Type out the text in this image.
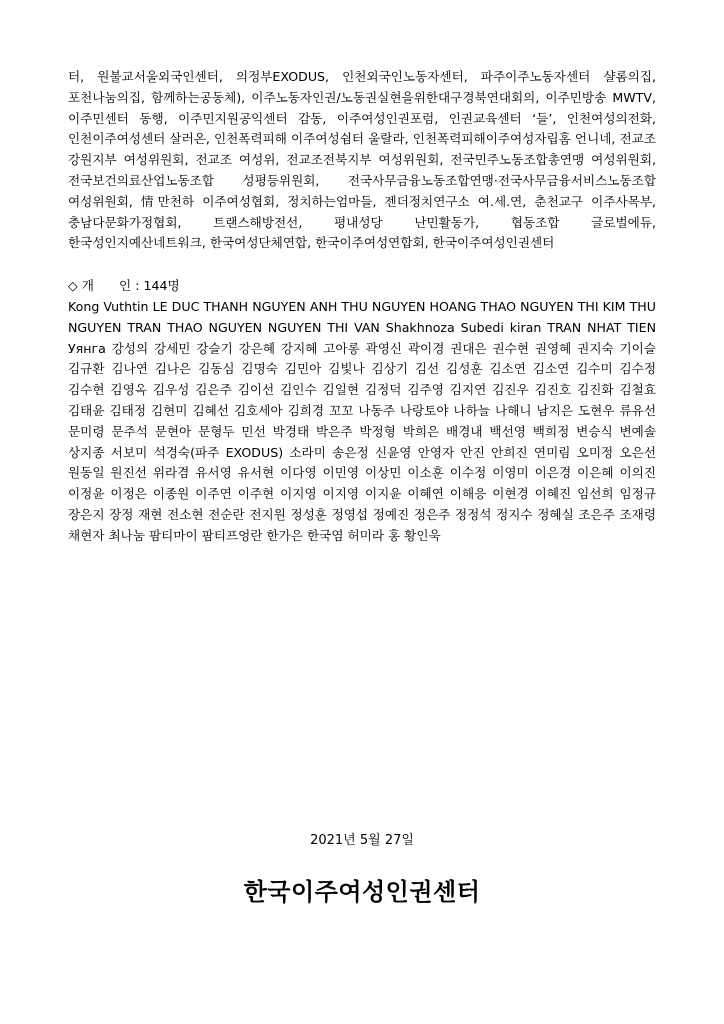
터, 원불교서울외국인센터, 의정부EXODUS, 인천외국인노동자센터, 파주이주노동자센터 샬롬의집, 포천나눔의집, 함께하는공동체), 이주노동자인권/노동권실현을위한대구경북연대회의, 이주민방송 MWTV, 이주민센터 동행, 이주민지원공익센터 감동, 이주여성인권포럼, 인권교육센터 ‘들’, 인천여성의전화, 인천이주여성센터 살러온, 인천폭력피해 이주여성쉼터 울랄라, 인천폭력피해이주여성자립홈 언니네, 전교조 강원지부 여성위원회, 전교조 여성위, 전교조전북지부 여성위원회, 전국민주노동조합총연맹 여성위원회, 전국보건의료산업노동조합 성평등위원회, 전국사무금융노동조합연맹·전국사무금융서비스노동조합 여성위원회, 情만천하 이주여성협회, 정치하는엄마들, 젠더정치연구소 여.세.연, 춘천교구 이주사목부, 충남다문화가정협회, 트랜스해방전선, 평내성당 난민활동가, 협동조합 글로벌에듀, 한국성인지예산네트워크, 한국여성단체연합, 한국이주여성연합회, 한국이주여성인권센터

◇ 개　　인 : 144명

Kong Vuthtin LE DUC THANH NGUYEN ANH THU NGUYEN HOANG THAO NGUYEN THI KIM THU NGUYEN TRAN THAO NGUYEN NGUYEN THI VAN Shakhnoza Subedi kiran TRAN NHAT TIEN Уянга 강성의 강세민 강슬기 강은혜 강지혜 고아롱 곽영신 곽이경 권대은 권수현 권영혜 권지숙 기이슬 김규환 김나연 김나은 김동심 김명숙 김민아 김빛나 김상기 김선 김성훈 김소연 김소연 김수미 김수정 김수현 김영옥 김우성 김은주 김이선 김인수 김일현 김정덕 김주영 김지연 김진우 김진호 김진화 김철효 김태윤 김태정 김현미 김혜선 김호세아 김희경 꼬꼬 나동주 나랑토야 나하늘 나해니 남지은 도현우 류유선 문미령 문주석 문현아 문형두 민선 박경태 박은주 박정형 박희은 배경내 백선영 백희정 변승식 변예솔 상지종 서보미 석경숙(파주 EXODUS) 소라미 송은정 신윤영 안영자 안진 안희진 연미림 오미정 오은선 원동일 원진선 위라겸 유서영 유서현 이다영 이민영 이상민 이소훈 이수정 이영미 이은경 이은혜 이의진 이정윤 이정은 이종원 이주연 이주현 이지영 이지영 이지윤 이혜연 이해응 이현경 이혜진 임선희 임정규 장은지 장정 재현 전소현 전순란 전지원 정성훈 정영섭 정예진 정은주 정정석 정지수 정혜실 조은주 조재령 채현자 최나눔 팜티마이 팜티프엉란 한가은 한국염 허미라 홍 황인욱

2021년 5월 27일
한국이주여성인권센터
